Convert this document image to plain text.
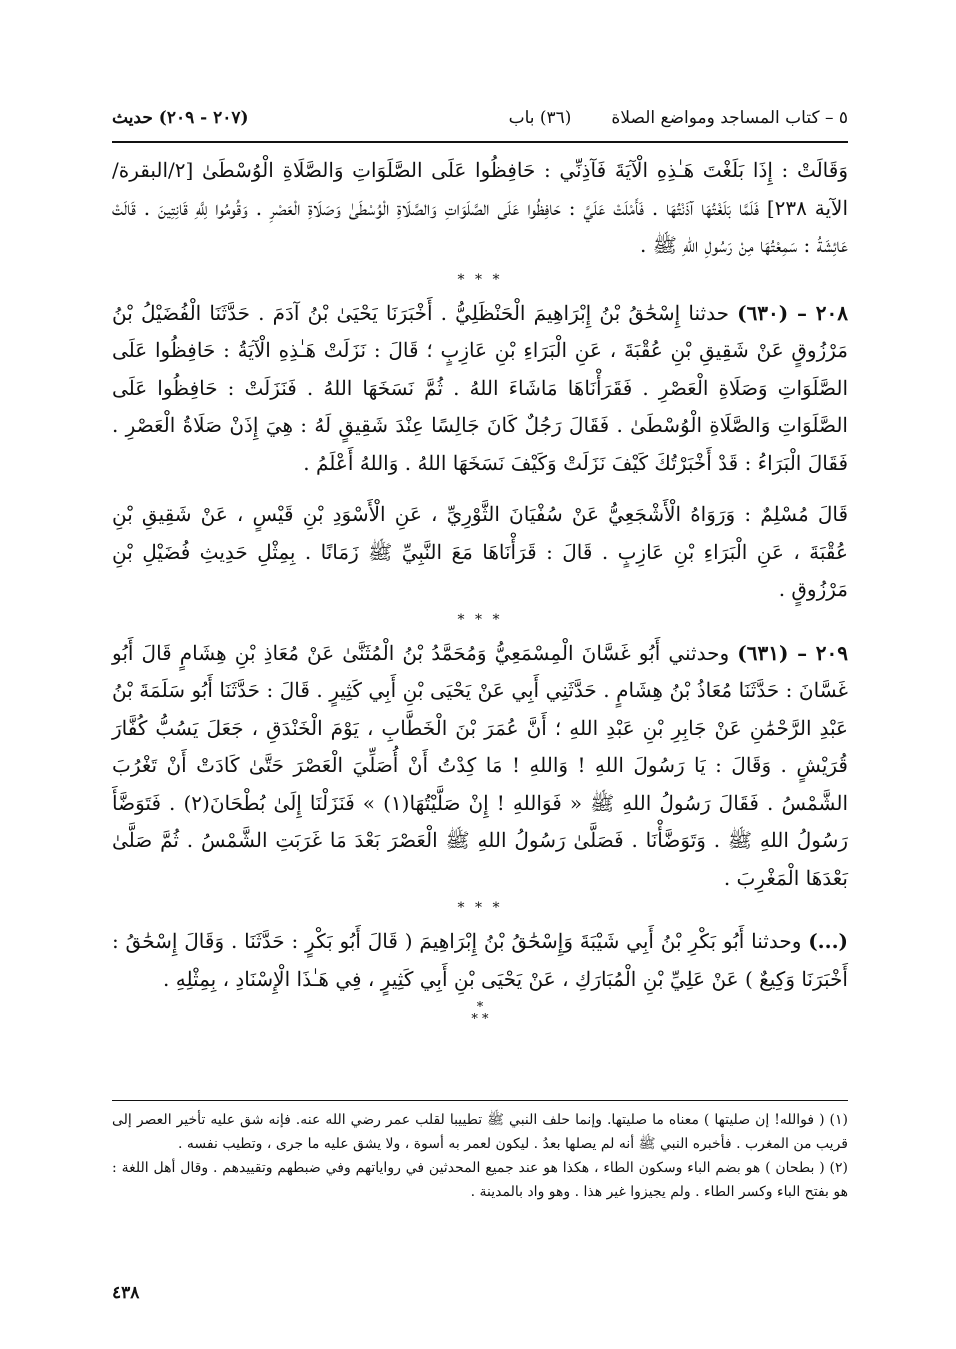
٥ – كتاب المساجد ومواضع الصلاة
(٣٦) باب
(٢٠٧ - ٢٠٩) حديث

وَقَالَتْ : إِذَا بَلَغْتَ هَـٰذِهِ الْآيَةَ فَآذِنِّي : حَافِظُوا عَلَى الصَّلَوَاتِ وَالصَّلَاةِ الْوُسْطَىٰ [٢/البقرة/الآية ٢٣٨] فَلَمَّا بَلَغْتُهَا آذَنْتُهَا . فَأَمْلَتْ عَلَيَّ : حَافِظُوا عَلَى الصَّلَوَاتِ وَالصَّلَاةِ الْوُسْطَىٰ وَصَلَاةِ الْعَصْرِ . وَقُومُوا لِلَّهِ قَانِتِينَ . قَالَتْ عَائِشَةُ : سَمِعْتُهَا مِنْ رَسُولِ اللهِ ﷺ .

* * *

٢٠٨ – (٦٣٠) حدثنا إِسْحَٰقُ بْنُ إِبْرَاهِيمَ الْحَنْظَلِيُّ . أَخْبَرَنَا يَحْيَىٰ بْنُ آدَمَ . حَدَّثَنَا الْفُضَيْلُ بْنُ مَرْزُوقٍ عَنْ شَقِيقِ بْنِ عُقْبَةَ ، عَنِ الْبَرَاءِ بْنِ عَازِبٍ ؛ قَالَ : نَزَلَتْ هَـٰذِهِ الْآيَةُ : حَافِظُوا عَلَى الصَّلَوَاتِ وَصَلَاةِ الْعَصْرِ . فَقَرَأْنَاهَا مَاشَاءَ اللهُ . ثُمَّ نَسَخَهَا اللهُ . فَنَزَلَتْ : حَافِظُوا عَلَى الصَّلَوَاتِ وَالصَّلَاةِ الْوُسْطَىٰ . فَقَالَ رَجُلٌ كَانَ جَالِسًا عِنْدَ شَقِيقٍ لَهُ : هِيَ إِذَنْ صَلَاةُ الْعَصْرِ . فَقَالَ الْبَرَاءُ : قَدْ أَخْبَرْتُكَ كَيْفَ نَزَلَتْ وَكَيْفَ نَسَخَهَا اللهُ . وَاللهُ أَعْلَمُ .

قَالَ مُسْلِمٌ : وَرَوَاهُ الْأَشْجَعِيُّ عَنْ سُفْيَانَ الثَّوْرِيِّ ، عَنِ الْأَسْوَدِ بْنِ قَيْسٍ ، عَنْ شَقِيقِ بْنِ عُقْبَةَ ، عَنِ الْبَرَاءِ بْنِ عَازِبٍ . قَالَ : قَرَأْنَاهَا مَعَ النَّبِيِّ ﷺ زَمَانًا . بِمِثْلِ حَدِيثِ فُضَيْلِ بْنِ مَرْزُوقٍ .

* * *

٢٠٩ – (٦٣١) وحدثني أَبُو غَسَّانَ الْمِسْمَعِيُّ وَمُحَمَّدُ بْنُ الْمُثَنَّىٰ عَنْ مُعَاذِ بْنِ هِشَامٍ قَالَ أَبُو غَسَّانَ : حَدَّثَنَا مُعَاذُ بْنُ هِشَامٍ . حَدَّثَنِي أَبِي عَنْ يَحْيَى بْنِ أَبِي كَثِيرٍ . قَالَ : حَدَّثَنَا أَبُو سَلَمَةَ بْنُ عَبْدِ الرَّحْمَٰنِ عَنْ جَابِرِ بْنِ عَبْدِ اللهِ ؛ أَنَّ عُمَرَ بْنَ الْخَطَّابِ ، يَوْمَ الْخَنْدَقِ ، جَعَلَ يَسُبُّ كُفَّارَ قُرَيْشٍ . وَقَالَ : يَا رَسُولَ اللهِ ! وَاللهِ ! مَا كِدْتُ أَنْ أُصَلِّيَ الْعَصْرَ حَتَّىٰ كَادَتْ أَنْ تَغْرُبَ الشَّمْسُ . فَقَالَ رَسُولُ اللهِ ﷺ « فَوَاللهِ ! إِنْ صَلَّيْتُهَا(١) » فَنَزَلْنَا إِلَىٰ بُطْحَانَ(٢) . فَتَوَضَّأَ رَسُولُ اللهِ ﷺ . وَتَوَضَّأْنَا . فَصَلَّىٰ رَسُولُ اللهِ ﷺ الْعَصْرَ بَعْدَ مَا غَرَبَتِ الشَّمْسُ . ثُمَّ صَلَّىٰ بَعْدَهَا الْمَغْرِبَ .

* * *

(...) وحدثنا أَبُو بَكْرِ بْنُ أَبِي شَيْبَةَ وَإِسْحَٰقُ بْنُ إِبْرَاهِيمَ ( قَالَ أَبُو بَكْرٍ : حَدَّثَنَا . وَقَالَ إِسْحَٰقُ : أَخْبَرَنَا وَكِيعٌ ) عَنْ عَلِيِّ بْنِ الْمُبَارَكِ ، عَنْ يَحْيَى بْنِ أَبِي كَثِيرٍ ، فِي هَـٰذَا الْإِسْنَادِ ، بِمِثْلِهِ .

*
* *

(١) ( فوالله! إن صليتها ) معناه ما صليتها. وإنما حلف النبي ﷺ تطييبا لقلب عمر رضي الله عنه. فإنه شق عليه تأخير العصر إلى قريب من المغرب . فأخبره النبي ﷺ أنه لم يصلها بعدُ . ليكون لعمر به أسوة ، ولا يشق عليه ما جرى ، وتطيب نفسه .

(٢) ( بطحان ) هو بضم الباء وسكون الطاء ، هكذا هو عند جميع المحدثين في رواياتهم وفي ضبطهم وتقييدهم . وقال أهل اللغة : هو بفتح الباء وكسر الطاء . ولم يجيزوا غير هذا . وهو واد بالمدينة .

٤٣٨
